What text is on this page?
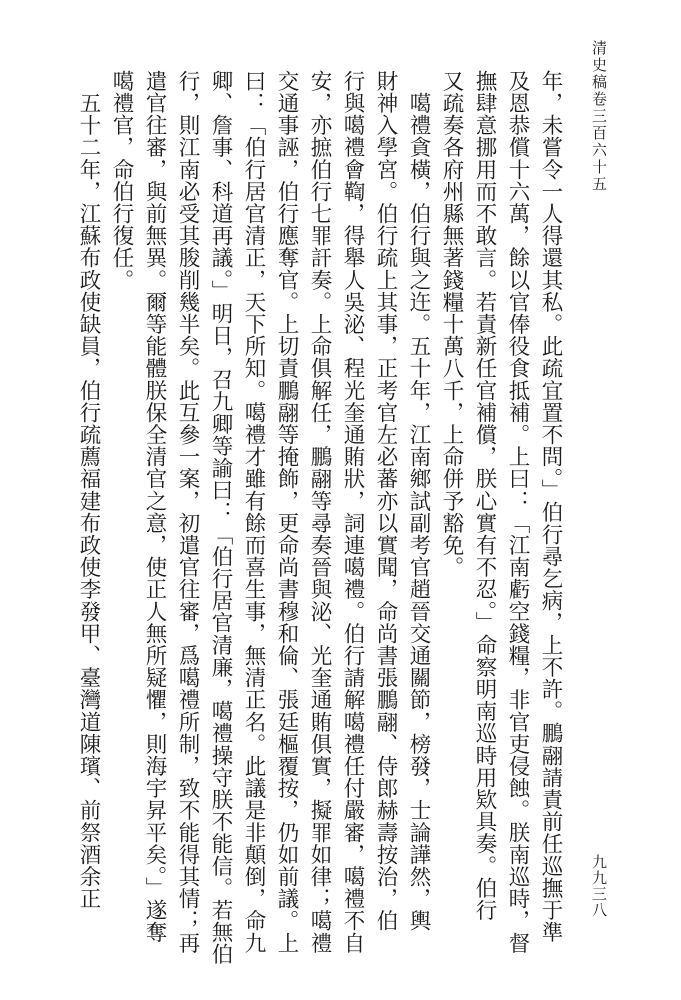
清史稿卷三百六十五
九九三八
年，未嘗令一人得還其私。此疏宜置不問。」伯行尋乞病，上不許。鵬翮請責前任巡撫于準
及恩恭償十六萬，餘以官俸役食抵補。上曰：「江南虧空錢糧，非官吏侵蝕。朕南巡時，督
撫肆意挪用而不敢言。若責新任官補償，朕心實有不忍。」命察明南巡時用欵具奏。伯行
又疏奏各府州縣無著錢糧十萬八千，上命併予豁免。
　噶禮貪橫，伯行與之迕。五十年，江南鄉試副考官趙晉交通關節，榜發，士論譁然，輿
財神入學宮。伯行疏上其事，正考官左必蕃亦以實聞，命尚書張鵬翮、侍郎赫壽按治，伯
行與噶禮會鞫，得舉人吳泌、程光奎通賄狀，詞連噶禮。伯行請解噶禮任付嚴審，噶禮不自
安，亦摭伯行七罪訐奏。上命俱解任，鵬翮等尋奏晉與泌、光奎通賄俱實，擬罪如律；噶禮
交通事誣，伯行應奪官。上切責鵬翮等掩飾，更命尚書穆和倫、張廷樞覆按，仍如前議。上
曰：「伯行居官清正，天下所知。噶禮才雖有餘而喜生事，無清正名。此議是非顛倒，命九
卿、詹事、科道再議。」明日，召九卿等諭曰：「伯行居官清廉，噶禮操守朕不能信。若無伯
行，則江南必受其朘削幾半矣。此互參一案，初遣官往審，爲噶禮所制，致不能得其情；再
遣官往審，與前無異。爾等能體朕保全清官之意，使正人無所疑懼，則海宇昇平矣。」遂奪
噶禮官，命伯行復任。
　五十二年，江蘇布政使缺員，伯行疏薦福建布政使李發甲、臺灣道陳璸、前祭酒余正
